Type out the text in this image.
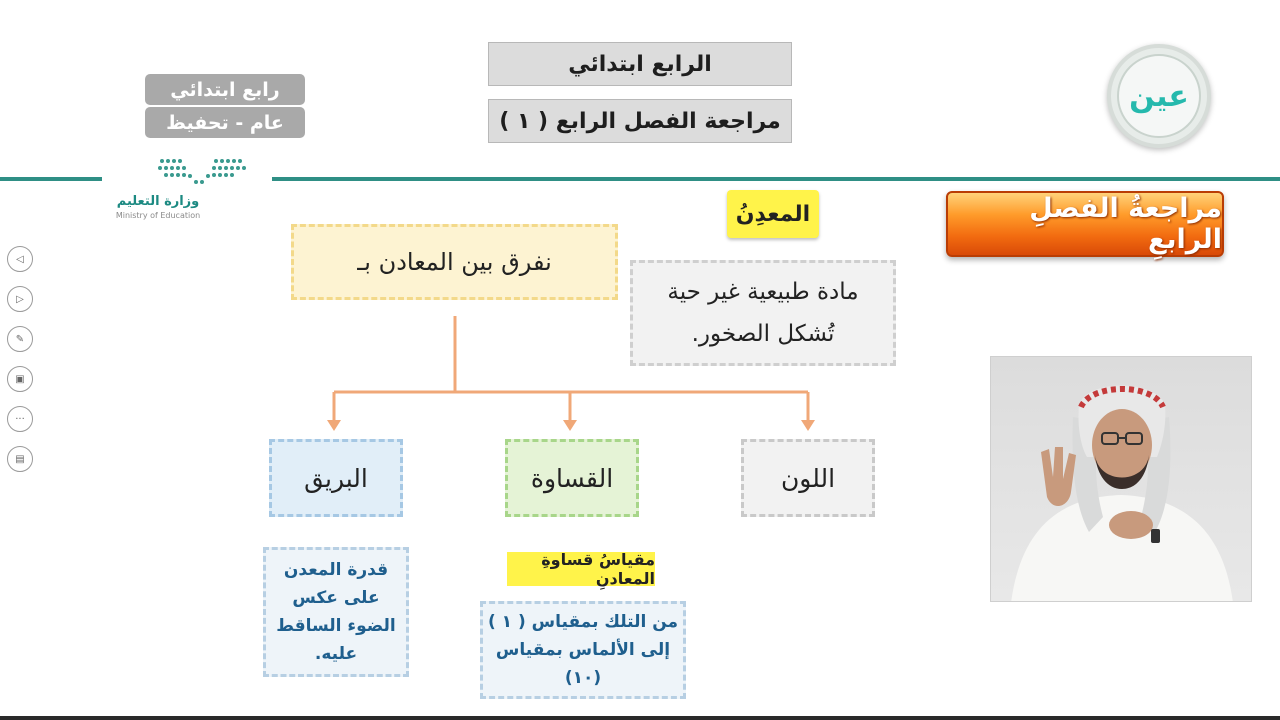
الرابع ابتدائي
مراجعة الفصل الرابع ( ١ )
رابع ابتدائي
عام - تحفيظ
عين
وزارة التعليم
Ministry of Education
◁
▷
✎
▣
···
▤
مراجعةُ الفصلِ الرابعِ
المعدِنُ
مادة طبيعية غير حية
تُشكل الصخور.
نفرق بين المعادن بـ
اللون
القساوة
البريق
مقياسُ قساوةِ المعادنِ
من التلك بمقياس ( ١ )
إلى الألماس بمقياس
(١٠)
قدرة المعدن
على عكس
الضوء الساقط
عليه.
